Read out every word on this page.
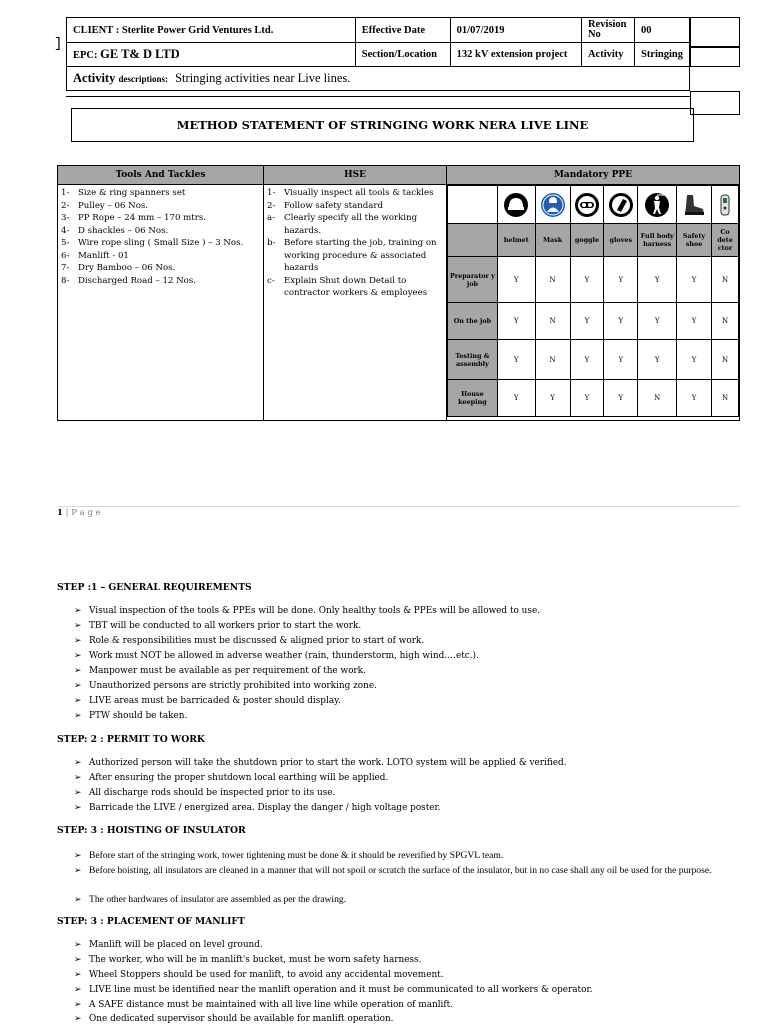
]
CLIENT : Sterlite Power Grid Ventures Ltd.	Effective Date	01/07/2019	Revision No	00
EPC: GE T& D LTD	Section/Location	132 kV extension project	Activity	Stringing
Activity descriptions: Stringing activities near Live lines.				
METHOD STATEMENT OF STRINGING WORK NERA LIVE LINE
Tools And Tackles	HSE	Mandatory PPE

1-	Size & ring spanners set
2-	Pulley – 06 Nos.
3-	PP Rope – 24 mm – 170 mtrs.
4-	D shackles – 06 Nos.
5-	Wire rope sling ( Small Size ) – 3 Nos.
6-	Manlift - 01
7-	Dry Bamboo – 06 Nos.
8-	Discharged Road – 12 Nos.

1-	Visually inspect all tools & tackles
2-	Follow safety standard
a-	Clearly specify all the working hazards.
b- Before starting the job, training on working procedure & associated hazards
c-	Explain Shut down Detail to contractor workers & employees

	helmet	Mask	goggle	gloves	Full body harness	Safety shoe	Co dete ctor
Preparator y job	Y	N	Y	Y	Y	Y	N
On the job	Y	N	Y	Y	Y	Y	N
Testing & assembly	Y	N	Y	Y	Y	Y	N
House keeping	Y	Y	Y	Y	N	Y	N
1 | P a g e
STEP :1 – GENERAL REQUIREMENTS
➢ Visual inspection of the tools & PPEs will be done. Only healthy tools & PPEs will be allowed to use.
➢ TBT will be conducted to all workers prior to start the work.
➢ Role & responsibilities must be discussed & aligned prior to start of work.
➢ Work must NOT be allowed in adverse weather (rain, thunderstorm, high wind….etc.).
➢ Manpower must be available as per requirement of the work.
➢ Unauthorized persons are strictly prohibited into working zone.
➢ LIVE areas must be barricaded & poster should display.
➢ PTW should be taken.
STEP: 2 : PERMIT TO WORK
➢ Authorized person will take the shutdown prior to start the work. LOTO system will be applied & verified.
➢ After ensuring the proper shutdown local earthing will be applied.
➢ All discharge rods should be inspected prior to its use.
➢ Barricade the LIVE / energized area. Display the danger / high voltage poster.
STEP: 3 : HOISTING OF INSULATOR
➢ Before start of the stringing work, tower tightening must be done & it should be reverified by SPGVL team.
➢ Before hoisting, all insulators are cleaned in a manner that will not spoil or scratch the surface of the insulator, but in no case shall any oil be used for the purpose.
➢ The other hardwares of insulator are assembled as per the drawing.
STEP: 3 : PLACEMENT OF MANLIFT
➢ Manlift will be placed on level ground.
➢ The worker, who will be in manlift's bucket, must be worn safety harness.
➢ Wheel Stoppers should be used for manlift, to avoid any accidental movement.
➢ LIVE line must be identified near the manlift operation and it must be communicated to all workers & operator.
➢ A SAFE distance must be maintained with all live line while operation of manlift.
➢ One dedicated supervisor should be available for manlift operation.
